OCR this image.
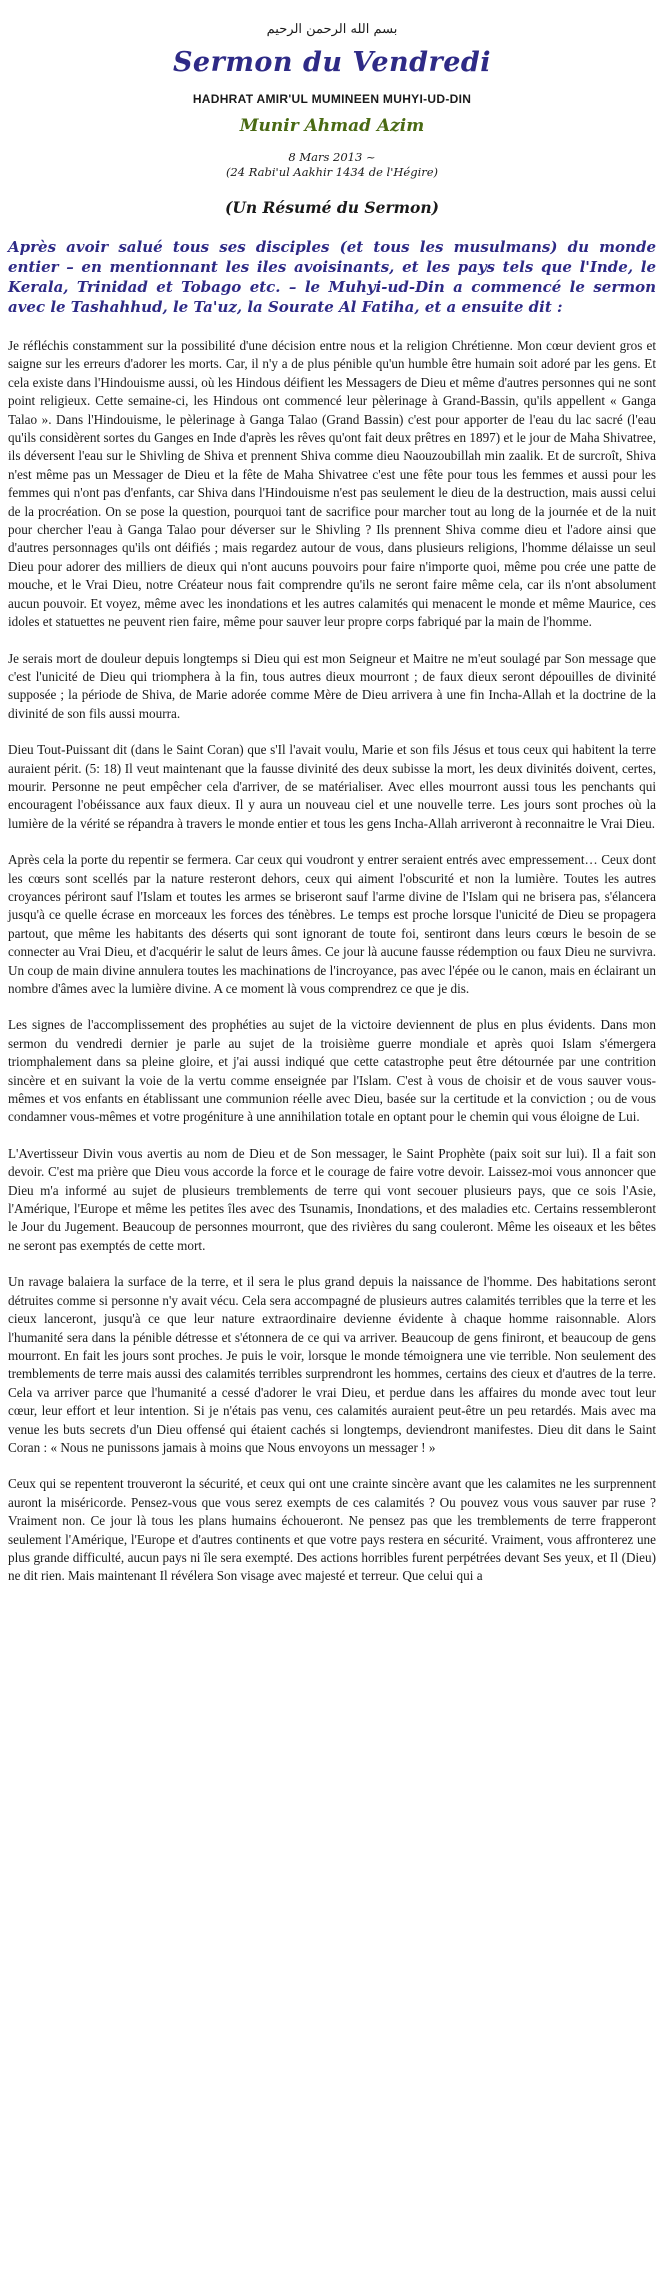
بسم الله الرحمن الرحيم
Sermon du Vendredi
HADHRAT AMIR'UL MUMINEEN MUHYI-UD-DIN
Munir Ahmad Azim
8 Mars 2013 ~
(24 Rabi'ul Aakhir 1434 de l'Hégire)
(Un Résumé du Sermon)

Après avoir salué tous ses disciples (et tous les musulmans) du monde entier – en mentionnant les iles avoisinants, et les pays tels que l'Inde, le Kerala, Trinidad et Tobago etc. – le Muhyi-ud-Din a commencé le sermon avec le Tashahhud, le Ta'uz, la Sourate Al Fatiha, et a ensuite dit :

Je réfléchis constamment sur la possibilité d'une décision entre nous et la religion Chrétienne. Mon cœur devient gros et saigne sur les erreurs d'adorer les morts. Car, il n'y a de plus pénible qu'un humble être humain soit adoré par les gens. Et cela existe dans l'Hindouisme aussi, où les Hindous déifient les Messagers de Dieu et même d'autres personnes qui ne sont point religieux. Cette semaine-ci, les Hindous ont commencé leur pèlerinage à Grand-Bassin, qu'ils appellent « Ganga Talao ». Dans l'Hindouisme, le pèlerinage à Ganga Talao (Grand Bassin) c'est pour apporter de l'eau du lac sacré (l'eau qu'ils considèrent sortes du Ganges en Inde d'après les rêves qu'ont fait deux prêtres en 1897) et le jour de Maha Shivatree, ils déversent l'eau sur le Shivling de Shiva et prennent Shiva comme dieu Naouzoubillah min zaalik. Et de surcroît, Shiva n'est même pas un Messager de Dieu et la fête de Maha Shivatree c'est une fête pour tous les femmes et aussi pour les femmes qui n'ont pas d'enfants, car Shiva dans l'Hindouisme n'est pas seulement le dieu de la destruction, mais aussi celui de la procréation. On se pose la question, pourquoi tant de sacrifice pour marcher tout au long de la journée et de la nuit pour chercher l'eau à Ganga Talao pour déverser sur le Shivling ? Ils prennent Shiva comme dieu et l'adore ainsi que d'autres personnages qu'ils ont déifiés ; mais regardez autour de vous, dans plusieurs religions, l'homme délaisse un seul Dieu pour adorer des milliers de dieux qui n'ont aucuns pouvoirs pour faire n'importe quoi, même pou crée une patte de mouche, et le Vrai Dieu, notre Créateur nous fait comprendre qu'ils ne seront faire même cela, car ils n'ont absolument aucun pouvoir. Et voyez, même avec les inondations et les autres calamités qui menacent le monde et même Maurice, ces idoles et statuettes ne peuvent rien faire, même pour sauver leur propre corps fabriqué par la main de l'homme.

Je serais mort de douleur depuis longtemps si Dieu qui est mon Seigneur et Maitre ne m'eut soulagé par Son message que c'est l'unicité de Dieu qui triomphera à la fin, tous autres dieux mourront ; de faux dieux seront dépouilles de divinité supposée ; la période de Shiva, de Marie adorée comme Mère de Dieu arrivera à une fin Incha-Allah et la doctrine de la divinité de son fils aussi mourra.

Dieu Tout-Puissant dit (dans le Saint Coran) que s'Il l'avait voulu, Marie et son fils Jésus et tous ceux qui habitent la terre auraient périt. (5: 18) Il veut maintenant que la fausse divinité des deux subisse la mort, les deux divinités doivent, certes, mourir. Personne ne peut empêcher cela d'arriver, de se matérialiser. Avec elles mourront aussi tous les penchants qui encouragent l'obéissance aux faux dieux. Il y aura un nouveau ciel et une nouvelle terre. Les jours sont proches où la lumière de la vérité se répandra à travers le monde entier et tous les gens Incha-Allah arriveront à reconnaitre le Vrai Dieu.

Après cela la porte du repentir se fermera. Car ceux qui voudront y entrer seraient entrés avec empressement… Ceux dont les cœurs sont scellés par la nature resteront dehors, ceux qui aiment l'obscurité et non la lumière. Toutes les autres croyances périront sauf l'Islam et toutes les armes se briseront sauf l'arme divine de l'Islam qui ne brisera pas, s'élancera jusqu'à ce quelle écrase en morceaux les forces des ténèbres. Le temps est proche lorsque l'unicité de Dieu se propagera partout, que même les habitants des déserts qui sont ignorant de toute foi, sentiront dans leurs cœurs le besoin de se connecter au Vrai Dieu, et d'acquérir le salut de leurs âmes. Ce jour là aucune fausse rédemption ou faux Dieu ne survivra. Un coup de main divine annulera toutes les machinations de l'incroyance, pas avec l'épée ou le canon, mais en éclairant un nombre d'âmes avec la lumière divine. A ce moment là vous comprendrez ce que je dis.

Les signes de l'accomplissement des prophéties au sujet de la victoire deviennent de plus en plus évidents. Dans mon sermon du vendredi dernier je parle au sujet de la troisième guerre mondiale et après quoi Islam s'émergera triomphalement dans sa pleine gloire, et j'ai aussi indiqué que cette catastrophe peut être détournée par une contrition sincère et en suivant la voie de la vertu comme enseignée par l'Islam. C'est à vous de choisir et de vous sauver vous-mêmes et vos enfants en établissant une communion réelle avec Dieu, basée sur la certitude et la conviction ; ou de vous condamner vous-mêmes et votre progéniture à une annihilation totale en optant pour le chemin qui vous éloigne de Lui.

L'Avertisseur Divin vous avertis au nom de Dieu et de Son messager, le Saint Prophète (paix soit sur lui). Il a fait son devoir. C'est ma prière que Dieu vous accorde la force et le courage de faire votre devoir. Laissez-moi vous annoncer que Dieu m'a informé au sujet de plusieurs tremblements de terre qui vont secouer plusieurs pays, que ce sois l'Asie, l'Amérique, l'Europe et même les petites îles avec des Tsunamis, Inondations, et des maladies etc. Certains ressembleront le Jour du Jugement. Beaucoup de personnes mourront, que des rivières du sang couleront. Même les oiseaux et les bêtes ne seront pas exemptés de cette mort.

Un ravage balaiera la surface de la terre, et il sera le plus grand depuis la naissance de l'homme. Des habitations seront détruites comme si personne n'y avait vécu. Cela sera accompagné de plusieurs autres calamités terribles que la terre et les cieux lanceront, jusqu'à ce que leur nature extraordinaire devienne évidente à chaque homme raisonnable. Alors l'humanité sera dans la pénible détresse et s'étonnera de ce qui va arriver. Beaucoup de gens finiront, et beaucoup de gens mourront. En fait les jours sont proches. Je puis le voir, lorsque le monde témoignera une vie terrible. Non seulement des tremblements de terre mais aussi des calamités terribles surprendront les hommes, certains des cieux et d'autres de la terre. Cela va arriver parce que l'humanité a cessé d'adorer le vrai Dieu, et perdue dans les affaires du monde avec tout leur cœur, leur effort et leur intention. Si je n'étais pas venu, ces calamités auraient peut-être un peu retardés. Mais avec ma venue les buts secrets d'un Dieu offensé qui étaient cachés si longtemps, deviendront manifestes. Dieu dit dans le Saint Coran : « Nous ne punissons jamais à moins que Nous envoyons un messager ! »

Ceux qui se repentent trouveront la sécurité, et ceux qui ont une crainte sincère avant que les calamites ne les surprennent auront la miséricorde. Pensez-vous que vous serez exempts de ces calamités ? Ou pouvez vous vous sauver par ruse ? Vraiment non. Ce jour là tous les plans humains échoueront. Ne pensez pas que les tremblements de terre frapperont seulement l'Amérique, l'Europe et d'autres continents et que votre pays restera en sécurité. Vraiment, vous affronterez une plus grande difficulté, aucun pays ni île sera exempté. Des actions horribles furent perpétrées devant Ses yeux, et Il (Dieu) ne dit rien. Mais maintenant Il révélera Son visage avec majesté et terreur. Que celui qui a
